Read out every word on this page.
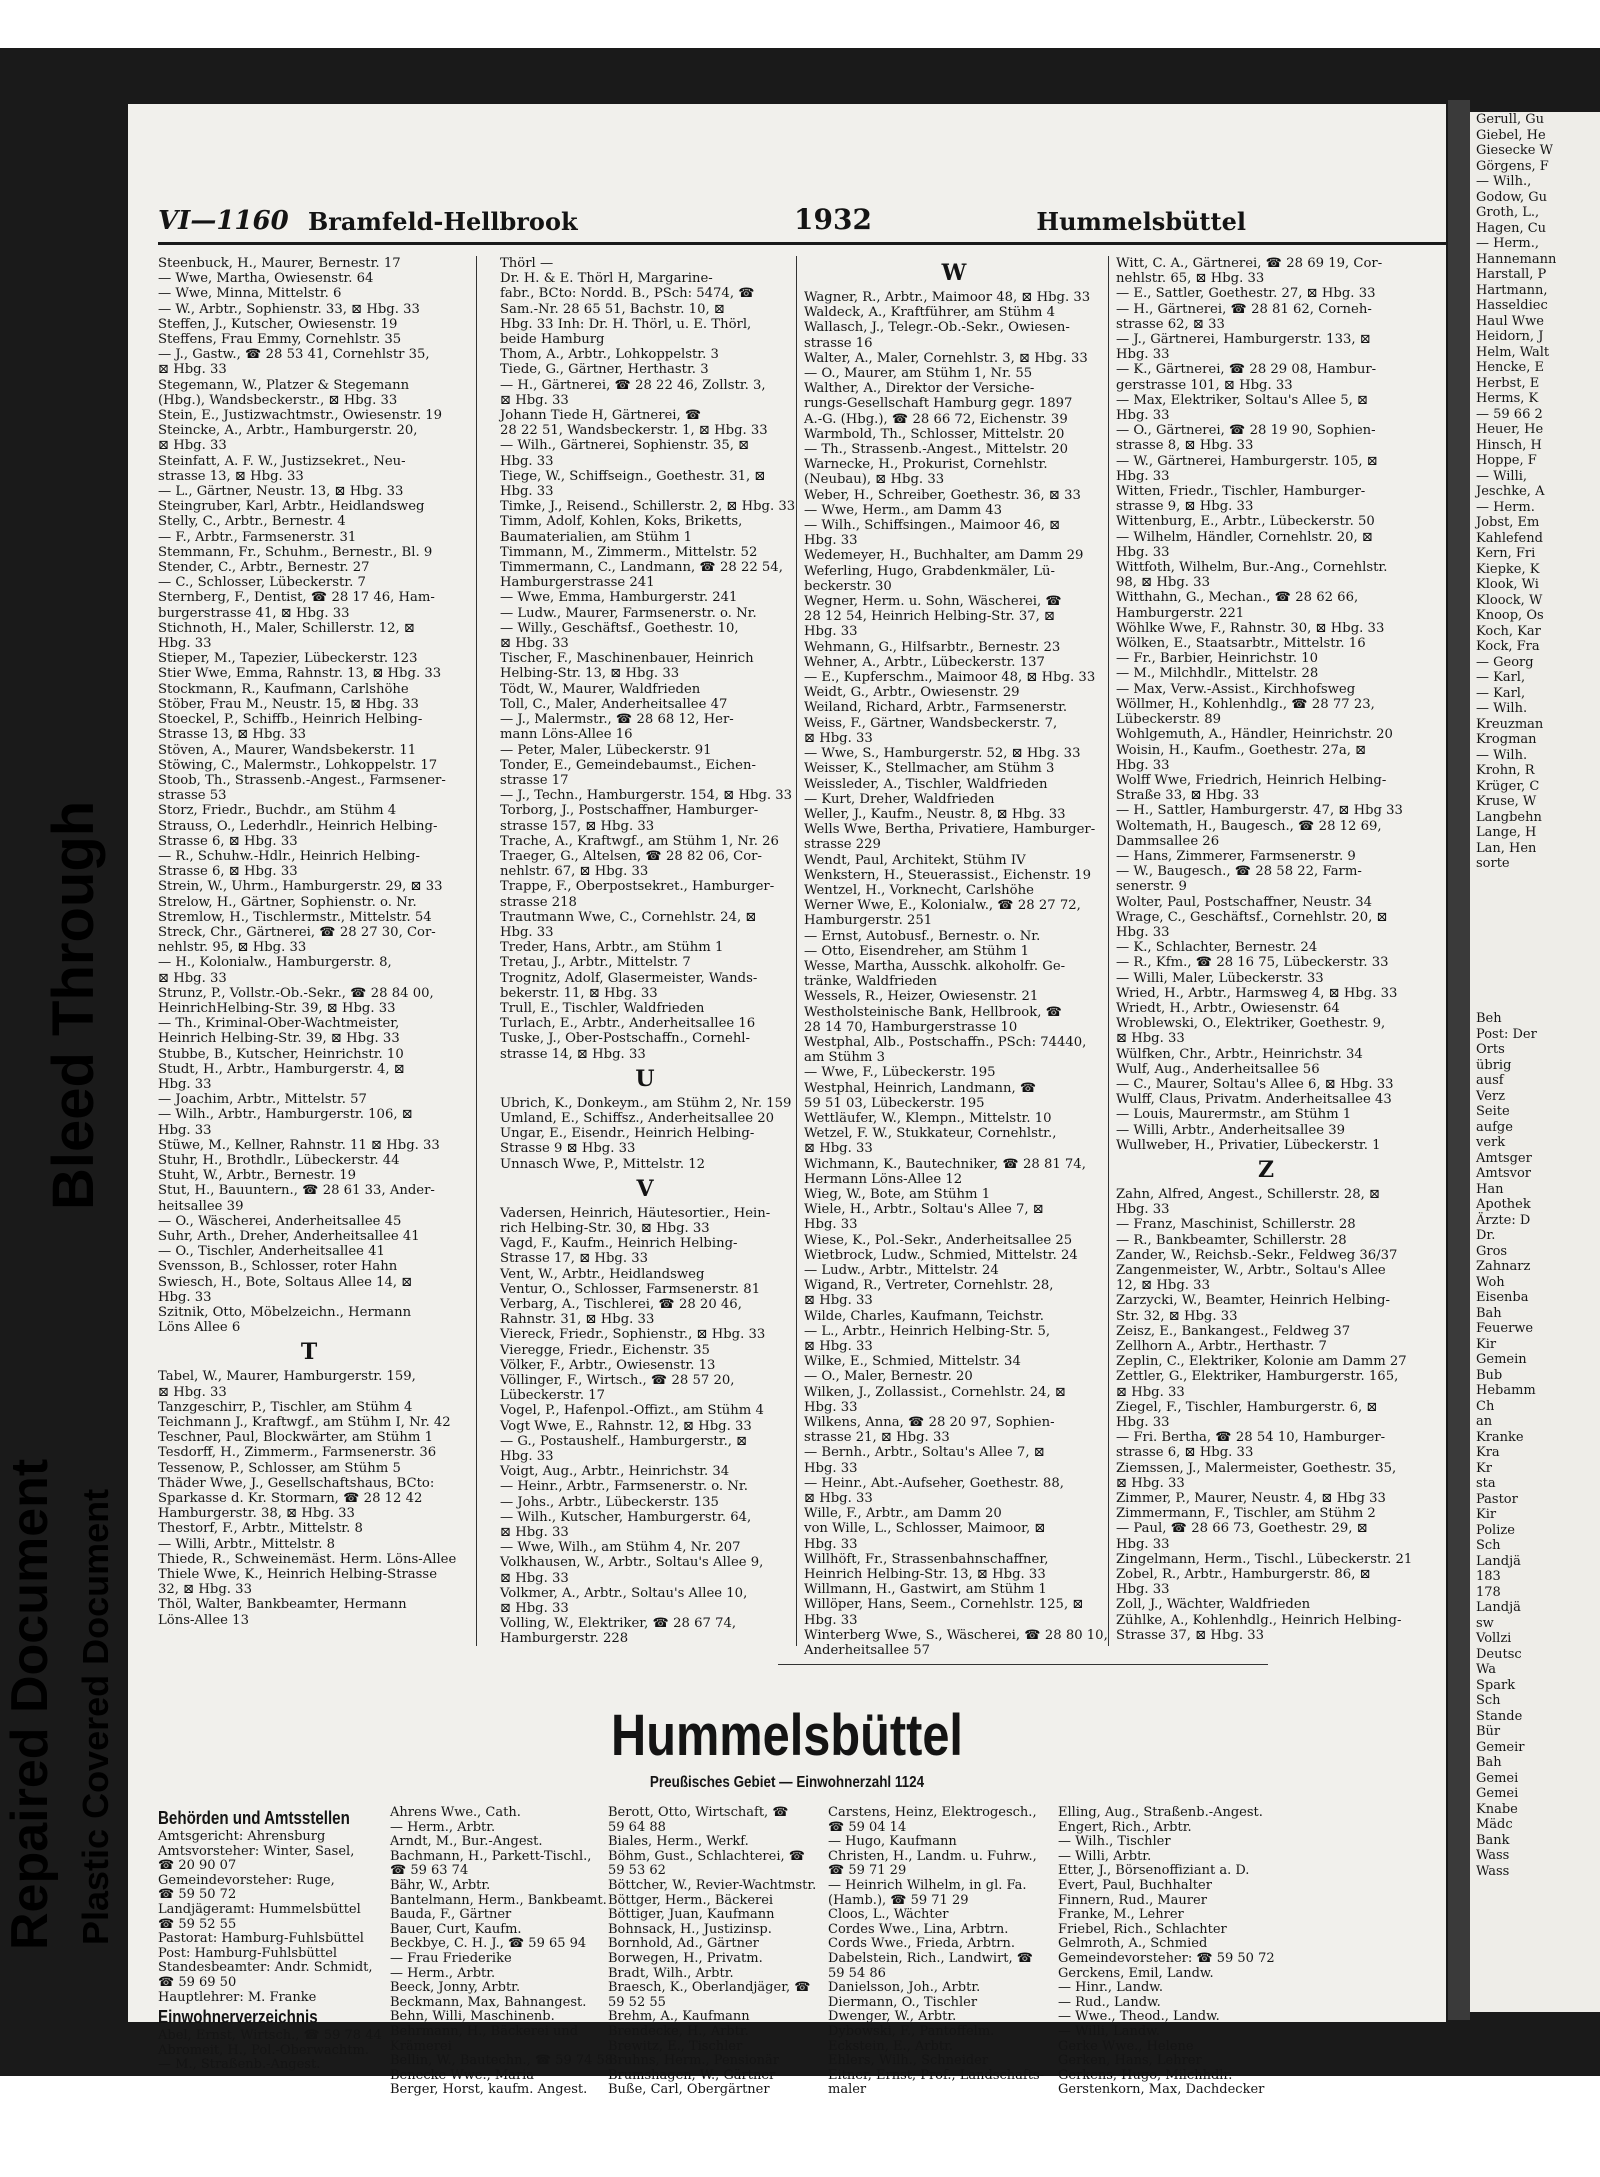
VI—1160 Bramfeld-Hellbrook	1932	Hummelsbüttel

Steenbuck, H., Maurer, Bernestr. 17

— Wwe, Martha, Owiesenstr. 64

— Wwe, Minna, Mittelstr. 6

— W., Arbtr., Sophienstr. 33, ⊠ Hbg. 33

Steffen, J., Kutscher, Owiesenstr. 19

Steffens, Frau Emmy, Cornehlstr. 35

— J., Gastw., ☎ 28 53 41, Cornehlstr 35,

⊠ Hbg. 33

Stegemann, W., Platzer & Stegemann

(Hbg.), Wandsbeckerstr., ⊠ Hbg. 33

Stein, E., Justizwachtmstr., Owiesenstr. 19

Steincke, A., Arbtr., Hamburgerstr. 20,

⊠ Hbg. 33

Steinfatt, A. F. W., Justizsekret., Neu-

strasse 13, ⊠ Hbg. 33

— L., Gärtner, Neustr. 13, ⊠ Hbg. 33

Steingruber, Karl, Arbtr., Heidlandsweg

Stelly, C., Arbtr., Bernestr. 4

— F., Arbtr., Farmsenerstr. 31

Stemmann, Fr., Schuhm., Bernestr., Bl. 9

Stender, C., Arbtr., Bernestr. 27

— C., Schlosser, Lübeckerstr. 7

Sternberg, F., Dentist, ☎ 28 17 46, Ham-

burgerstrasse 41, ⊠ Hbg. 33

Stichnoth, H., Maler, Schillerstr. 12, ⊠

Hbg. 33

Stieper, M., Tapezier, Lübeckerstr. 123

Stier Wwe, Emma, Rahnstr. 13, ⊠ Hbg. 33

Stockmann, R., Kaufmann, Carlshöhe

Stöber, Frau M., Neustr. 15, ⊠ Hbg. 33

Stoeckel, P., Schiffb., Heinrich Helbing-

Strasse 13, ⊠ Hbg. 33

Stöven, A., Maurer, Wandsbekerstr. 11

Stöwing, C., Malermstr., Lohkoppelstr. 17

Stoob, Th., Strassenb.-Angest., Farmsener-

strasse 53

Storz, Friedr., Buchdr., am Stühm 4

Strauss, O., Lederhdlr., Heinrich Helbing-

Strasse 6, ⊠ Hbg. 33

— R., Schuhw.-Hdlr., Heinrich Helbing-

Strasse 6, ⊠ Hbg. 33

Strein, W., Uhrm., Hamburgerstr. 29, ⊠ 33

Strelow, H., Gärtner, Sophienstr. o. Nr.

Stremlow, H., Tischlermstr., Mittelstr. 54

Streck, Chr., Gärtnerei, ☎ 28 27 30, Cor-

nehlstr. 95, ⊠ Hbg. 33

— H., Kolonialw., Hamburgerstr. 8,

⊠ Hbg. 33

Strunz, P., Vollstr.-Ob.-Sekr., ☎ 28 84 00,

HeinrichHelbing-Str. 39, ⊠ Hbg. 33

— Th., Kriminal-Ober-Wachtmeister,

Heinrich Helbing-Str. 39, ⊠ Hbg. 33

Stubbe, B., Kutscher, Heinrichstr. 10

Studt, H., Arbtr., Hamburgerstr. 4, ⊠

Hbg. 33

— Joachim, Arbtr., Mittelstr. 57

— Wilh., Arbtr., Hamburgerstr. 106, ⊠

Hbg. 33

Stüwe, M., Kellner, Rahnstr. 11 ⊠ Hbg. 33

Stuhr, H., Brothdlr., Lübeckerstr. 44

Stuht, W., Arbtr., Bernestr. 19

Stut, H., Bauuntern., ☎ 28 61 33, Ander-

heitsallee 39

— O., Wäscherei, Anderheitsallee 45

Suhr, Arth., Dreher, Anderheitsallee 41

— O., Tischler, Anderheitsallee 41

Svensson, B., Schlosser, roter Hahn

Swiesch, H., Bote, Soltaus Allee 14, ⊠

Hbg. 33

Szitnik, Otto, Möbelzeichn., Hermann

Löns Allee 6

T

Tabel, W., Maurer, Hamburgerstr. 159,

⊠ Hbg. 33

Tanzgeschirr, P., Tischler, am Stühm 4

Teichmann J., Kraftwgf., am Stühm I, Nr. 42

Teschner, Paul, Blockwärter, am Stühm 1

Tesdorff, H., Zimmerm., Farmsenerstr. 36

Tessenow, P., Schlosser, am Stühm 5

Thäder Wwe, J., Gesellschaftshaus, BCto:

Sparkasse d. Kr. Stormarn, ☎ 28 12 42

Hamburgerstr. 38, ⊠ Hbg. 33

Thestorf, F., Arbtr., Mittelstr. 8

— Willi, Arbtr., Mittelstr. 8

Thiede, R., Schweinemäst. Herm. Löns-Allee

Thiele Wwe, K., Heinrich Helbing-Strasse

32, ⊠ Hbg. 33

Thöl, Walter, Bankbeamter, Hermann

Löns-Allee 13

Thörl —

Dr. H. & E. Thörl H, Margarine-

fabr., BCto: Nordd. B., PSch: 5474, ☎

Sam.-Nr. 28 65 51, Bachstr. 10, ⊠

Hbg. 33 Inh: Dr. H. Thörl, u. E. Thörl,

beide Hamburg

Thom, A., Arbtr., Lohkoppelstr. 3

Tiede, G., Gärtner, Herthastr. 3

— H., Gärtnerei, ☎ 28 22 46, Zollstr. 3,

⊠ Hbg. 33

Johann Tiede H, Gärtnerei, ☎

28 22 51, Wandsbeckerstr. 1, ⊠ Hbg. 33

— Wilh., Gärtnerei, Sophienstr. 35, ⊠

Hbg. 33

Tiege, W., Schiffseign., Goethestr. 31, ⊠

Hbg. 33

Timke, J., Reisend., Schillerstr. 2, ⊠ Hbg. 33

Timm, Adolf, Kohlen, Koks, Briketts,

Baumaterialien, am Stühm 1

Timmann, M., Zimmerm., Mittelstr. 52

Timmermann, C., Landmann, ☎ 28 22 54,

Hamburgerstrasse 241

— Wwe, Emma, Hamburgerstr. 241

— Ludw., Maurer, Farmsenerstr. o. Nr.

— Willy., Geschäftsf., Goethestr. 10,

⊠ Hbg. 33

Tischer, F., Maschinenbauer, Heinrich

Helbing-Str. 13, ⊠ Hbg. 33

Tödt, W., Maurer, Waldfrieden

Toll, C., Maler, Anderheitsallee 47

— J., Malermstr., ☎ 28 68 12, Her-

mann Löns-Allee 16

— Peter, Maler, Lübeckerstr. 91

Tonder, E., Gemeindebaumst., Eichen-

strasse 17

— J., Techn., Hamburgerstr. 154, ⊠ Hbg. 33

Torborg, J., Postschaffner, Hamburger-

strasse 157, ⊠ Hbg. 33

Trache, A., Kraftwgf., am Stühm 1, Nr. 26

Traeger, G., Altelsen, ☎ 28 82 06, Cor-

nehlstr. 67, ⊠ Hbg. 33

Trappe, F., Oberpostsekret., Hamburger-

strasse 218

Trautmann Wwe, C., Cornehlstr. 24, ⊠

Hbg. 33

Treder, Hans, Arbtr., am Stühm 1

Tretau, J., Arbtr., Mittelstr. 7

Trognitz, Adolf, Glasermeister, Wands-

bekerstr. 11, ⊠ Hbg. 33

Trull, E., Tischler, Waldfrieden

Turlach, E., Arbtr., Anderheitsallee 16

Tuske, J., Ober-Postschaffn., Cornehl-

strasse 14, ⊠ Hbg. 33

U

Ubrich, K., Donkeym., am Stühm 2, Nr. 159

Umland, E., Schiffsz., Anderheitsallee 20

Ungar, E., Eisendr., Heinrich Helbing-

Strasse 9 ⊠ Hbg. 33

Unnasch Wwe, P., Mittelstr. 12

V

Vadersen, Heinrich, Häutesortier., Hein-

rich Helbing-Str. 30, ⊠ Hbg. 33

Vagd, F., Kaufm., Heinrich Helbing-

Strasse 17, ⊠ Hbg. 33

Vent, W., Arbtr., Heidlandsweg

Ventur, O., Schlosser, Farmsenerstr. 81

Verbarg, A., Tischlerei, ☎ 28 20 46,

Rahnstr. 31, ⊠ Hbg. 33

Viereck, Friedr., Sophienstr., ⊠ Hbg. 33

Vieregge, Friedr., Eichenstr. 35

Völker, F., Arbtr., Owiesenstr. 13

Völlinger, F., Wirtsch., ☎ 28 57 20,

Lübeckerstr. 17

Vogel, P., Hafenpol.-Offizt., am Stühm 4

Vogt Wwe, E., Rahnstr. 12, ⊠ Hbg. 33

— G., Postaushelf., Hamburgerstr., ⊠

Hbg. 33

Voigt, Aug., Arbtr., Heinrichstr. 34

— Heinr., Arbtr., Farmsenerstr. o. Nr.

— Johs., Arbtr., Lübeckerstr. 135

— Wilh., Kutscher, Hamburgerstr. 64,

⊠ Hbg. 33

— Wwe, Wilh., am Stühm 4, Nr. 207

Volkhausen, W., Arbtr., Soltau's Allee 9,

⊠ Hbg. 33

Volkmer, A., Arbtr., Soltau's Allee 10,

⊠ Hbg. 33

Volling, W., Elektriker, ☎ 28 67 74,

Hamburgerstr. 228

W

Wagner, R., Arbtr., Maimoor 48, ⊠ Hbg. 33

Waldeck, A., Kraftführer, am Stühm 4

Wallasch, J., Telegr.-Ob.-Sekr., Owiesen-

strasse 16

Walter, A., Maler, Cornehlstr. 3, ⊠ Hbg. 33

— O., Maurer, am Stühm 1, Nr. 55

Walther, A., Direktor der Versiche-

rungs-Gesellschaft Hamburg gegr. 1897

A.-G. (Hbg.), ☎ 28 66 72, Eichenstr. 39

Warmbold, Th., Schlosser, Mittelstr. 20

— Th., Strassenb.-Angest., Mittelstr. 20

Warnecke, H., Prokurist, Cornehlstr.

(Neubau), ⊠ Hbg. 33

Weber, H., Schreiber, Goethestr. 36, ⊠ 33

— Wwe, Herm., am Damm 43

— Wilh., Schiffsingen., Maimoor 46, ⊠

Hbg. 33

Wedemeyer, H., Buchhalter, am Damm 29

Weferling, Hugo, Grabdenkmäler, Lü-

beckerstr. 30

Wegner, Herm. u. Sohn, Wäscherei, ☎

28 12 54, Heinrich Helbing-Str. 37, ⊠

Hbg. 33

Wehmann, G., Hilfsarbtr., Bernestr. 23

Wehner, A., Arbtr., Lübeckerstr. 137

— E., Kupferschm., Maimoor 48, ⊠ Hbg. 33

Weidt, G., Arbtr., Owiesenstr. 29

Weiland, Richard, Arbtr., Farmsenerstr.

Weiss, F., Gärtner, Wandsbeckerstr. 7,

⊠ Hbg. 33

— Wwe, S., Hamburgerstr. 52, ⊠ Hbg. 33

Weisser, K., Stellmacher, am Stühm 3

Weissleder, A., Tischler, Waldfrieden

— Kurt, Dreher, Waldfrieden

Weller, J., Kaufm., Neustr. 8, ⊠ Hbg. 33

Wells Wwe, Bertha, Privatiere, Hamburger-

strasse 229

Wendt, Paul, Architekt, Stühm IV

Wenkstern, H., Steuerassist., Eichenstr. 19

Wentzel, H., Vorknecht, Carlshöhe

Werner Wwe, E., Kolonialw., ☎ 28 27 72,

Hamburgerstr. 251

— Ernst, Autobusf., Bernestr. o. Nr.

— Otto, Eisendreher, am Stühm 1

Wesse, Martha, Ausschk. alkoholfr. Ge-

tränke, Waldfrieden

Wessels, R., Heizer, Owiesenstr. 21

Westholsteinische Bank, Hellbrook, ☎

28 14 70, Hamburgerstrasse 10

Westphal, Alb., Postschaffn., PSch: 74440,

am Stühm 3

— Wwe, F., Lübeckerstr. 195

Westphal, Heinrich, Landmann, ☎

59 51 03, Lübeckerstr. 195

Wettläufer, W., Klempn., Mittelstr. 10

Wetzel, F. W., Stukkateur, Cornehlstr.,

⊠ Hbg. 33

Wichmann, K., Bautechniker, ☎ 28 81 74,

Hermann Löns-Allee 12

Wieg, W., Bote, am Stühm 1

Wiele, H., Arbtr., Soltau's Allee 7, ⊠

Hbg. 33

Wiese, K., Pol.-Sekr., Anderheitsallee 25

Wietbrock, Ludw., Schmied, Mittelstr. 24

— Ludw., Arbtr., Mittelstr. 24

Wigand, R., Vertreter, Cornehlstr. 28,

⊠ Hbg. 33

Wilde, Charles, Kaufmann, Teichstr.

— L., Arbtr., Heinrich Helbing-Str. 5,

⊠ Hbg. 33

Wilke, E., Schmied, Mittelstr. 34

— O., Maler, Bernestr. 20

Wilken, J., Zollassist., Cornehlstr. 24, ⊠

Hbg. 33

Wilkens, Anna, ☎ 28 20 97, Sophien-

strasse 21, ⊠ Hbg. 33

— Bernh., Arbtr., Soltau's Allee 7, ⊠

Hbg. 33

— Heinr., Abt.-Aufseher, Goethestr. 88,

⊠ Hbg. 33

Wille, F., Arbtr., am Damm 20

von Wille, L., Schlosser, Maimoor, ⊠

Hbg. 33

Willhöft, Fr., Strassenbahnschaffner,

Heinrich Helbing-Str. 13, ⊠ Hbg. 33

Willmann, H., Gastwirt, am Stühm 1

Willöper, Hans, Seem., Cornehlstr. 125, ⊠

Hbg. 33

Winterberg Wwe, S., Wäscherei, ☎ 28 80 10,

Anderheitsallee 57

Witt, C. A., Gärtnerei, ☎ 28 69 19, Cor-

nehlstr. 65, ⊠ Hbg. 33

— E., Sattler, Goethestr. 27, ⊠ Hbg. 33

— H., Gärtnerei, ☎ 28 81 62, Corneh-

strasse 62, ⊠ 33

— J., Gärtnerei, Hamburgerstr. 133, ⊠

Hbg. 33

— K., Gärtnerei, ☎ 28 29 08, Hambur-

gerstrasse 101, ⊠ Hbg. 33

— Max, Elektriker, Soltau's Allee 5, ⊠

Hbg. 33

— O., Gärtnerei, ☎ 28 19 90, Sophien-

strasse 8, ⊠ Hbg. 33

— W., Gärtnerei, Hamburgerstr. 105, ⊠

Hbg. 33

Witten, Friedr., Tischler, Hamburger-

strasse 9, ⊠ Hbg. 33

Wittenburg, E., Arbtr., Lübeckerstr. 50

— Wilhelm, Händler, Cornehlstr. 20, ⊠

Hbg. 33

Wittfoth, Wilhelm, Bur.-Ang., Cornehlstr.

98, ⊠ Hbg. 33

Witthahn, G., Mechan., ☎ 28 62 66,

Hamburgerstr. 221

Wöhlke Wwe, F., Rahnstr. 30, ⊠ Hbg. 33

Wölken, E., Staatsarbtr., Mittelstr. 16

— Fr., Barbier, Heinrichstr. 10

— M., Milchhdlr., Mittelstr. 28

— Max, Verw.-Assist., Kirchhofsweg

Wöllmer, H., Kohlenhdlg., ☎ 28 77 23,

Lübeckerstr. 89

Wohlgemuth, A., Händler, Heinrichstr. 20

Woisin, H., Kaufm., Goethestr. 27a, ⊠

Hbg. 33

Wolff Wwe, Friedrich, Heinrich Helbing-

Straße 33, ⊠ Hbg. 33

— H., Sattler, Hamburgerstr. 47, ⊠ Hbg 33

Woltemath, H., Baugesch., ☎ 28 12 69,

Dammsallee 26

— Hans, Zimmerer, Farmsenerstr. 9

— W., Baugesch., ☎ 28 58 22, Farm-

senerstr. 9

Wolter, Paul, Postschaffner, Neustr. 34

Wrage, C., Geschäftsf., Cornehlstr. 20, ⊠

Hbg. 33

— K., Schlachter, Bernestr. 24

— R., Kfm., ☎ 28 16 75, Lübeckerstr. 33

— Willi, Maler, Lübeckerstr. 33

Wried, H., Arbtr., Harmsweg 4, ⊠ Hbg. 33

Wriedt, H., Arbtr., Owiesenstr. 64

Wroblewski, O., Elektriker, Goethestr. 9,

⊠ Hbg. 33

Wülfken, Chr., Arbtr., Heinrichstr. 34

Wulf, Aug., Anderheitsallee 56

— C., Maurer, Soltau's Allee 6, ⊠ Hbg. 33

Wulff, Claus, Privatm. Anderheitsallee 43

— Louis, Maurermstr., am Stühm 1

— Willi, Arbtr., Anderheitsallee 39

Wullweber, H., Privatier, Lübeckerstr. 1

Z

Zahn, Alfred, Angest., Schillerstr. 28, ⊠

Hbg. 33

— Franz, Maschinist, Schillerstr. 28

— R., Bankbeamter, Schillerstr. 28

Zander, W., Reichsb.-Sekr., Feldweg 36/37

Zangenmeister, W., Arbtr., Soltau's Allee

12, ⊠ Hbg. 33

Zarzycki, W., Beamter, Heinrich Helbing-

Str. 32, ⊠ Hbg. 33

Zeisz, E., Bankangest., Feldweg 37

Zellhorn A., Arbtr., Herthastr. 7

Zeplin, C., Elektriker, Kolonie am Damm 27

Zettler, G., Elektriker, Hamburgerstr. 165,

⊠ Hbg. 33

Ziegel, F., Tischler, Hamburgerstr. 6, ⊠

Hbg. 33

— Fri. Bertha, ☎ 28 54 10, Hamburger-

strasse 6, ⊠ Hbg. 33

Ziemssen, J., Malermeister, Goethestr. 35,

⊠ Hbg. 33

Zimmer, P., Maurer, Neustr. 4, ⊠ Hbg 33

Zimmermann, F., Tischler, am Stühm 2

— Paul, ☎ 28 66 73, Goethestr. 29, ⊠

Hbg. 33

Zingelmann, Herm., Tischl., Lübeckerstr. 21

Zobel, R., Arbtr., Hamburgerstr. 86, ⊠

Hbg. 33

Zoll, J., Wächter, Waldfrieden

Zühlke, A., Kohlenhdlg., Heinrich Helbing-

Strasse 37, ⊠ Hbg. 33

Hummelsbüttel
Preußisches Gebiet — Einwohnerzahl 1124

Behörden und Amtsstellen

Amtsgericht: Ahrensburg

Amtsvorsteher: Winter, Sasel,

☎ 20 90 07

Gemeindevorsteher: Ruge,

☎ 59 50 72

Landjägeramt: Hummelsbüttel

☎ 59 52 55

Pastorat: Hamburg-Fuhlsbüttel

Post: Hamburg-Fuhlsbüttel

Standesbeamter: Andr. Schmidt,

☎ 59 69 50

Hauptlehrer: M. Franke

Einwohnerverzeichnis

Abel, Ernst, Wirtsch., ☎ 59 78 44

Abromeit, H., Pol.-Oberwachtm.

— M., Straßenb.-Angest.

Ahrens Wwe., Cath.

— Herm., Arbtr.

Arndt, M., Bur.-Angest.

Bachmann, H., Parkett-Tischl.,

☎ 59 63 74

Bähr, W., Arbtr.

Bantelmann, Herm., Bankbeamt.

Bauda, F., Gärtner

Bauer, Curt, Kaufm.

Beckbye, C. H. J., ☎ 59 65 94

— Frau Friederike

— Herm., Arbtr.

Beeck, Jonny, Arbtr.

Beckmann, Max, Bahnangest.

Behn, Willi, Maschinenb.

Behrmann, H., Bäckerei und

Krämerei

Bellin, W., Bautechn., ☎ 59 74 58

Benecke Wwe., Maria

Berger, Horst, kaufm. Angest.

Berott, Otto, Wirtschaft, ☎

59 64 88

Biales, Herm., Werkf.

Böhm, Gust., Schlachterei, ☎

59 53 62

Böttcher, W., Revier-Wachtmstr.

Böttger, Herm., Bäckerei

Böttiger, Juan, Kaufmann

Bohnsack, H., Justizinsp.

Bornhold, Ad., Gärtner

Borwegen, H., Privatm.

Bradt, Wilh., Arbtr.

Braesch, K., Oberlandjäger, ☎

59 52 55

Brehm, A., Kaufmann

Brendecke, H., Arbtr.

Brewitz, E., Tischler

Bruhns, Herm., Pensionär

Brumshagen, W., Gärtner

Buße, Carl, Obergärtner

Carstens, Heinz, Elektrogesch.,

☎ 59 04 14

— Hugo, Kaufmann

Christen, H., Landm. u. Fuhrw.,

☎ 59 71 29

— Heinrich Wilhelm, in gl. Fa.

(Hamb.), ☎ 59 71 29

Cloos, L., Wächter

Cordes Wwe., Lina, Arbtrn.

Cords Wwe., Frieda, Arbtrn.

Dabelstein, Rich., Landwirt, ☎

59 54 86

Danielsson, Joh., Arbtr.

Diermann, O., Tischler

Dwenger, W., Arbtr.

Dybowski, F., Pantoffelm.

Eckstein, E., Arbtr.

Ehlers, Wilh., Schneider

Eitner, Ernst, Prof., Landschafts-

maler

Elling, Aug., Straßenb.-Angest.

Engert, Rich., Arbtr.

— Wilh., Tischler

— Willi, Arbtr.

Etter, J., Börsenoffiziant a. D.

Evert, Paul, Buchhalter

Finnern, Rud., Maurer

Franke, M., Lehrer

Friebel, Rich., Schlachter

Gelmroth, A., Schmied

Gemeindevorsteher: ☎ 59 50 72

Gerckens, Emil, Landw.

— Hinr., Landw.

— Rud., Landw.

— Wwe., Theod., Landw.

— Willi, Landw.

Gerke Wwe., Helene

Gerken, Hans, Lehrer

Gerkens, Hugo, Milchhdlr.

Gerstenkorn, Max, Dachdecker

Gerull, Gu

Giebel, He

Giesecke W

Görgens, F

— Wilh.,

Godow, Gu

Groth, L.,

Hagen, Cu

— Herm.,

Hannemann

Harstall, P

Hartmann,

Hasseldiec

Haul Wwe

Heidorn, J

Helm, Walt

Hencke, E

Herbst, E

Herms, K

— 59 66 2

Heuer, He

Hinsch, H

Hoppe, F

— Willi,

Jeschke, A

— Herm.

Jobst, Em

Kahlefend

Kern, Fri

Kiepke, K

Klook, Wi

Kloock, W

Knoop, Os

Koch, Kar

Kock, Fra

— Georg

— Karl,

— Karl,

— Wilh.

Kreuzman

Krogman

— Wilh.

Krohn, R

Krüger, C

Kruse, W

Langbehn

Lange, H

Lan, Hen

sorte

Beh

Post: Der

Orts

übrig

ausf

Verz

Seite

aufge

verk

Amtsger

Amtsvor

Han

Apothek

Ärzte: D

Dr.

Gros

Zahnarz

Woh

Eisenba

Bah

Feuerwe

Kir

Gemein

Bub

Hebamm

Ch

an

Kranke

Kra

Kr

sta

Pastor

Kir

Polize

Sch

Landjä

183

178

Landjä

sw

Vollzi

Deutsc

Wa

Spark

Sch

Stande

Bür

Gemeir

Bah

Gemei

Gemei

Knabe

Mädc

Bank

Wass

Wass

Bleed Through
Repaired Document Plastic Covered Document
